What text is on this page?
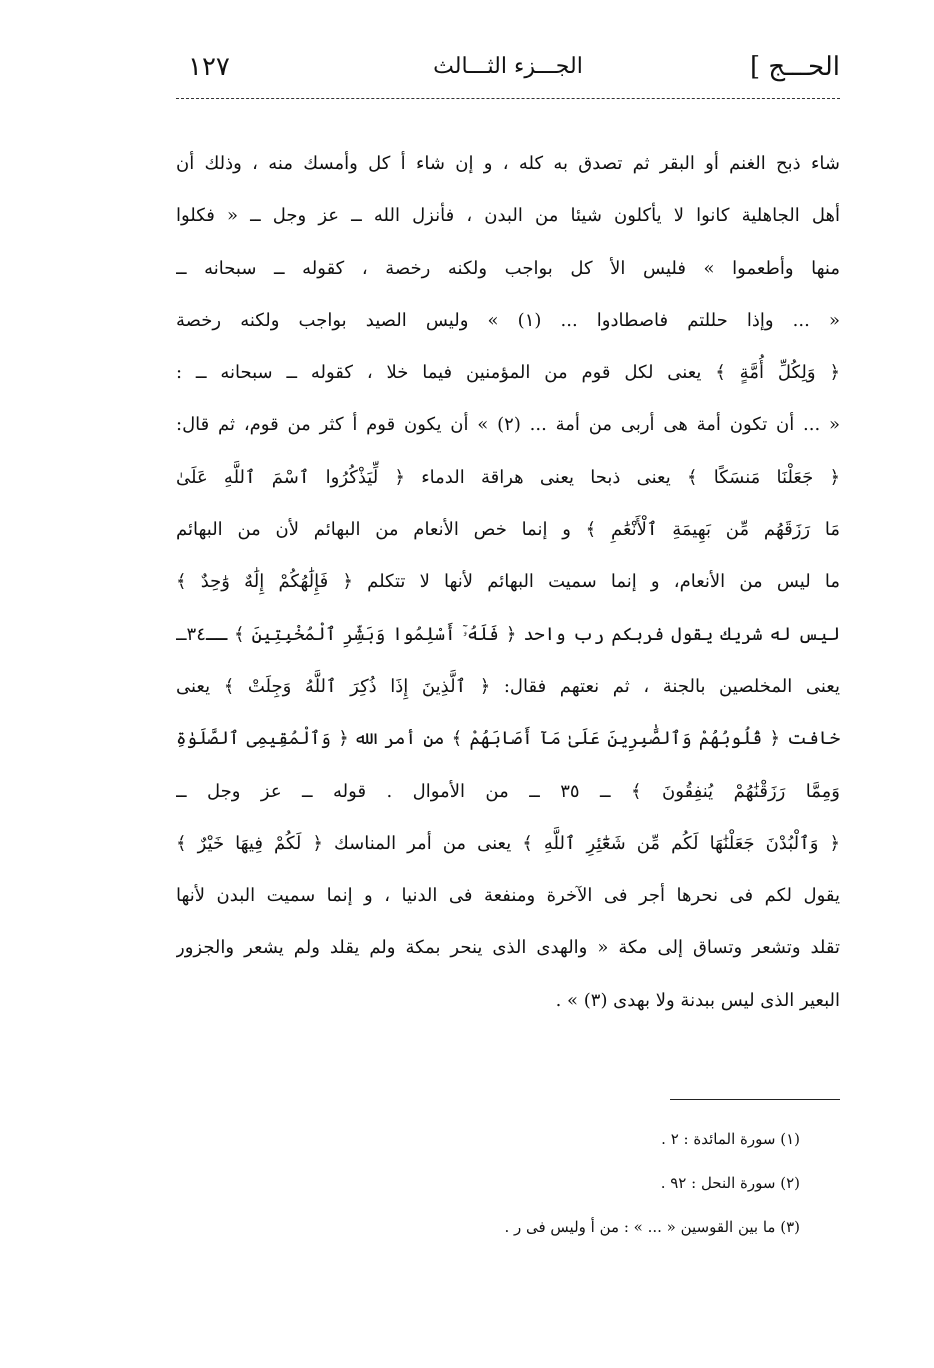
الحـــج ]
الجـــزء الثـــالث
١٢٧
شاء ذبح الغنم أو البقر ثم تصدق به كله ، و إن شاء أ كل وأمسك منه ، وذلك أن
أهل الجاهلية كانوا لا يأكلون شيئا من البدن ، فأنزل الله ــ عز وجل ــ « فكلوا
منها وأطعموا » فليس الأ كل بواجب ولكنه رخصة ، كقوله ــ سبحانه ــ
« ... وإذا حللتم فاصطادوا ... (١) » وليس الصيد بواجب ولكنه رخصة
﴿ وَلِكُلِّ أُمَّةٍ ﴾ يعنى لكل قوم من المؤمنين فيما خلا ، كقوله ــ سبحانه ــ :
« ... أن تكون أمة هى أربى من أمة ... (٢) » أن يكون قوم أ كثر من قوم، ثم قال:
﴿ جَعَلْنَا مَنسَكًا ﴾ يعنى ذبحا يعنى هراقة الدماء ﴿ لِّيَذْكُرُوا ٱسْمَ ٱللَّهِ عَلَىٰ
مَا رَزَقَهُم مِّن بَهِيمَةِ ٱلْأَنْعَٰمِ ﴾ و إنما خص الأنعام من البهائم لأن من البهائم
ما ليس من الأنعام، و إنما سميت البهائم لأنها لا تتكلم ﴿ فَإِلَٰهُكُمْ إِلَٰهٌ وَٰحِدٌ ﴾
ليس له شريك يقول فربكم رب واحد ﴿ فَلَهُۥٓ أَسْلِمُوا وَبَشِّرِ ٱلْمُخْبِتِينَ ﴾ ــ٣٤ــ
يعنى المخلصين بالجنة ، ثم نعتهم فقال: ﴿ ٱلَّذِينَ إِذَا ذُكِرَ ٱللَّهُ وَجِلَتْ ﴾ يعنى
خافت ﴿ قُلُوبُهُمْ وَٱلصَّٰبِرِينَ عَلَىٰ مَآ أَصَابَهُمْ ﴾ من أمر الله ﴿ وَٱلْمُقِيمِى ٱلصَّلَوٰةِ
وَمِمَّا رَزَقْنَٰهُمْ يُنفِقُونَ ﴾ ــ ٣٥ ــ من الأموال . قوله ــ عز وجل ــ
﴿ وَٱلْبُدْنَ جَعَلْنَٰهَا لَكُم مِّن شَعَٰٓئِرِ ٱللَّهِ ﴾ يعنى من أمر المناسك ﴿ لَكُمْ فِيهَا خَيْرٌ ﴾
يقول لكم فى نحرها أجر فى الآخرة ومنفعة فى الدنيا ، و إنما سميت البدن لأنها
تقلد وتشعر وتساق إلى مكة « والهدى الذى ينحر بمكة ولم يقلد ولم يشعر والجزور
البعير الذى ليس ببدنة ولا بهدى (٣) » .
(١) سورة المائدة : ٢ .
(٢) سورة النحل : ٩٢ .
(٣) ما بين القوسين « ... » : من أ وليس فى ر .
